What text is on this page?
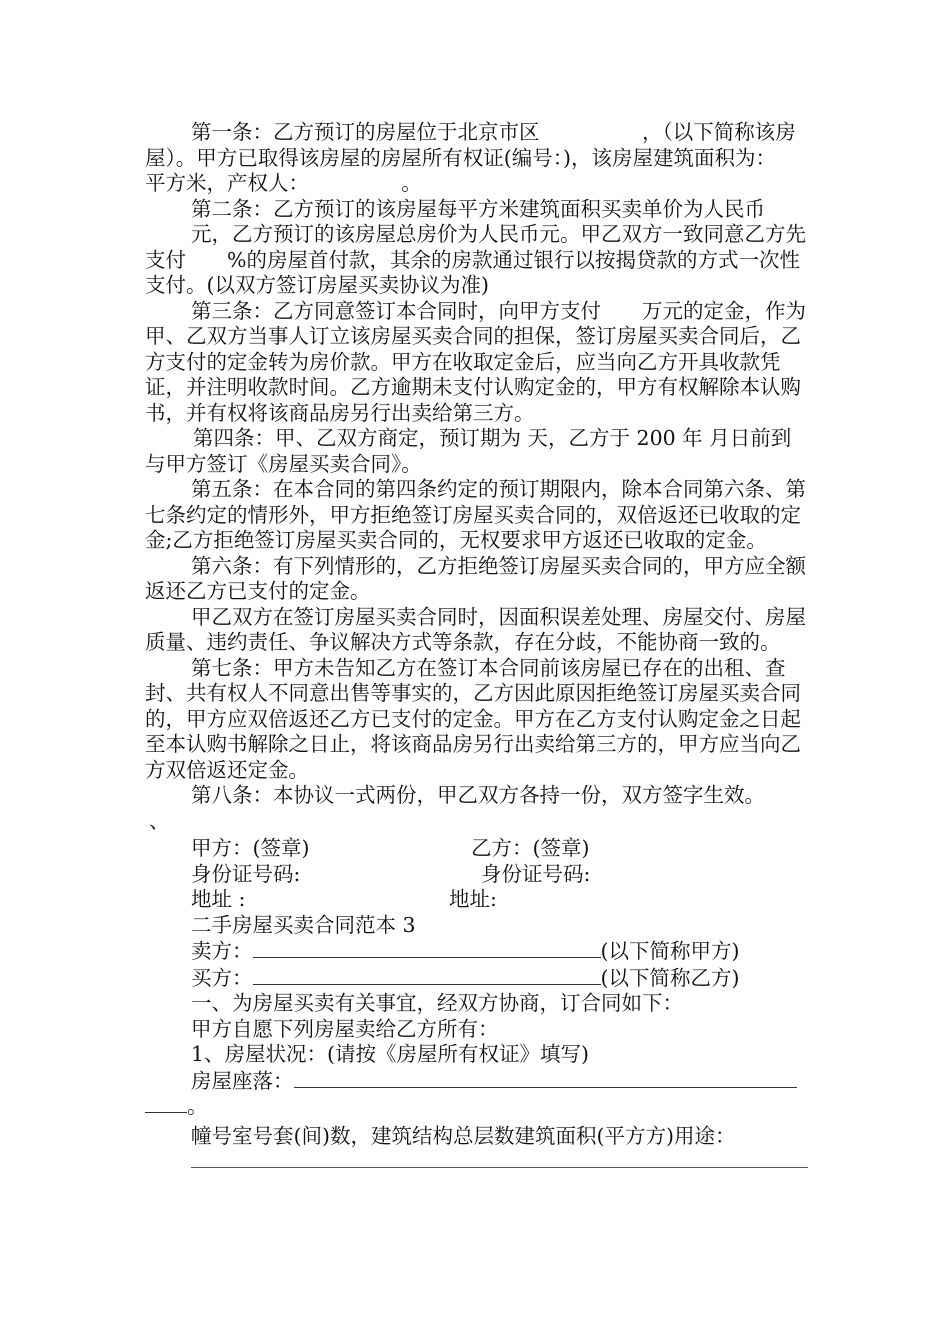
第一条：乙方预订的房屋位于北京市区　　　　　，（以下简称该房屋）。甲方已取得该房屋的房屋所有权证(编号：)，该房屋建筑面积为：　　　　平方米，产权人：　　　　　。

第二条：乙方预订的该房屋每平方米建筑面积买卖单价为人民币

元，乙方预订的该房屋总房价为人民币元。甲乙双方一致同意乙方先支付　　%的房屋首付款，其余的房款通过银行以按揭贷款的方式一次性支付。(以双方签订房屋买卖协议为准)

第三条：乙方同意签订本合同时，向甲方支付　　万元的定金，作为甲、乙双方当事人订立该房屋买卖合同的担保，签订房屋买卖合同后，乙方支付的定金转为房价款。甲方在收取定金后，应当向乙方开具收款凭证，并注明收款时间。乙方逾期未支付认购定金的，甲方有权解除本认购书，并有权将该商品房另行出卖给第三方。

第四条：甲、乙双方商定，预订期为 天，乙方于 200 年 月日前到 与甲方签订《房屋买卖合同》。

第五条：在本合同的第四条约定的预订期限内，除本合同第六条、第七条约定的情形外，甲方拒绝签订房屋买卖合同的，双倍返还已收取的定金;乙方拒绝签订房屋买卖合同的，无权要求甲方返还已收取的定金。

第六条：有下列情形的，乙方拒绝签订房屋买卖合同的，甲方应全额返还乙方已支付的定金。

甲乙双方在签订房屋买卖合同时，因面积误差处理、房屋交付、房屋质量、违约责任、争议解决方式等条款，存在分歧，不能协商一致的。

第七条：甲方未告知乙方在签订本合同前该房屋已存在的出租、查封、共有权人不同意出售等事实的，乙方因此原因拒绝签订房屋买卖合同的，甲方应双倍返还乙方已支付的定金。甲方在乙方支付认购定金之日起至本认购书解除之日止，将该商品房另行出卖给第三方的，甲方应当向乙方双倍返还定金。

第八条：本协议一式两份，甲乙双方各持一份，双方签字生效。

、

甲方：(签章)	乙方：(签章)
身份证号码:	身份证号码:
地址 :	地址:
二手房屋买卖合同范本 3
卖方：	(以下简称甲方)
买方：	(以下简称乙方)
一、为房屋买卖有关事宜，经双方协商，订合同如下：
甲方自愿下列房屋卖给乙方所有：
1、房屋状况：(请按《房屋所有权证》填写)
房屋座落：
。
幢号室号套(间)数，建筑结构总层数建筑面积(平方方)用途：
